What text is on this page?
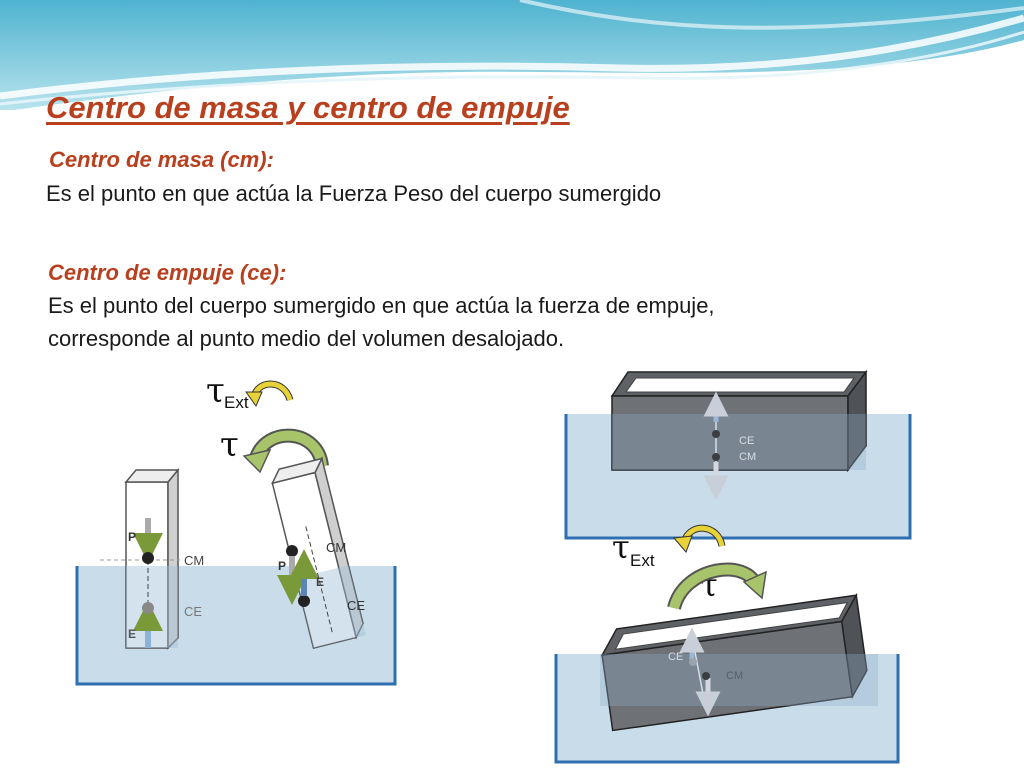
Centro de masa y centro de empuje
Centro de masa (cm):
Es el punto en que actúa la Fuerza Peso del cuerpo sumergido
Centro de empuje (ce):
Es el punto del cuerpo sumergido en que actúa la fuerza de empuje,
corresponde al punto medio del volumen desalojado.
τ Ext
τ
P
E
CM
CE
P
E
CM
CE
CE
CM
τ Ext
τ
CE
CM
